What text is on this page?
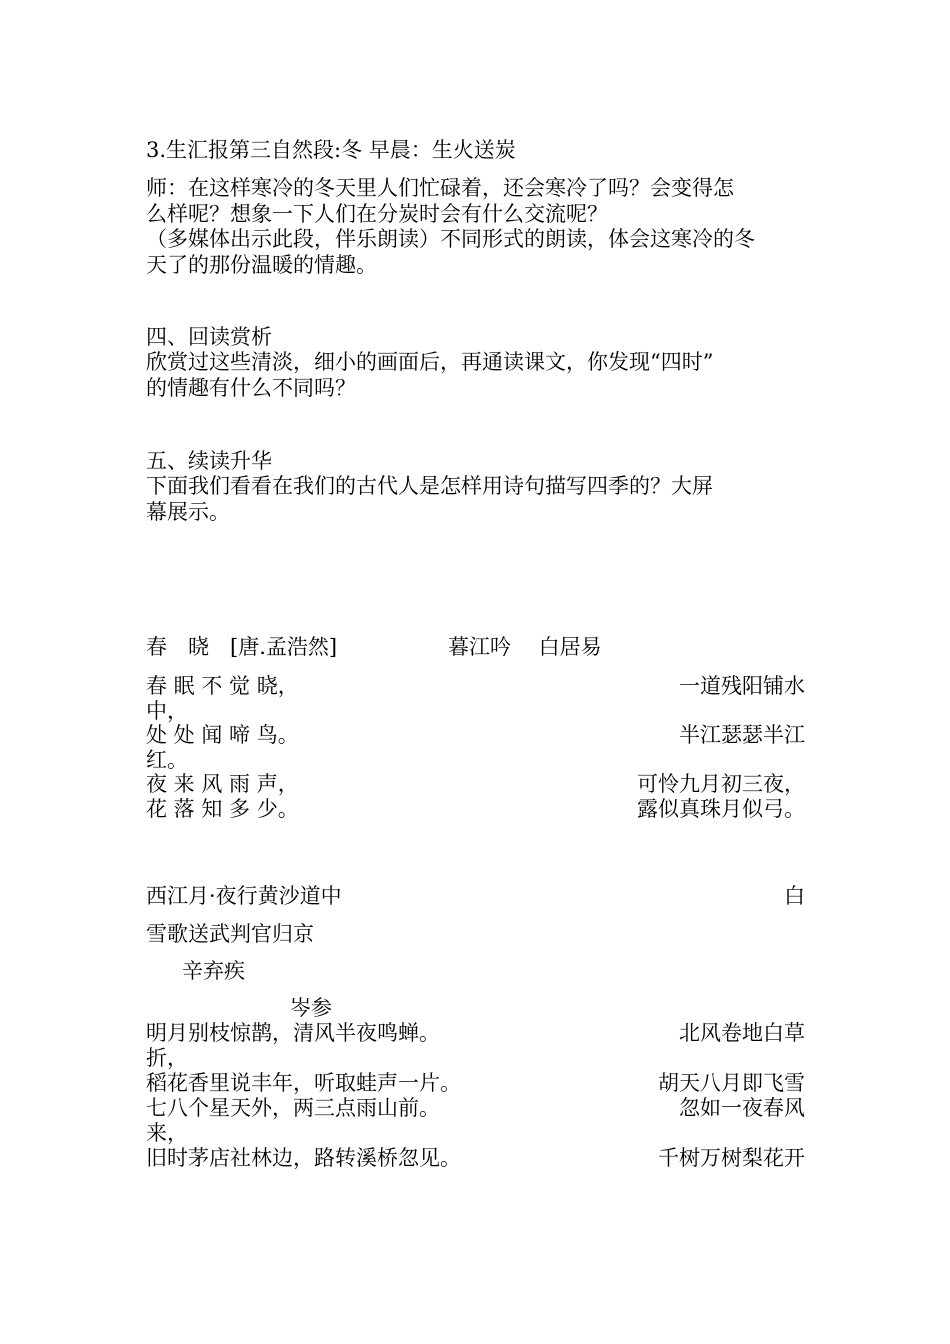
3.生汇报第三自然段:冬 早晨：生火送炭
师：在这样寒冷的冬天里人们忙碌着，还会寒冷了吗？会变得怎
么样呢？想象一下人们在分炭时会有什么交流呢？
（多媒体出示此段，伴乐朗读）不同形式的朗读，体会这寒冷的冬
天了的那份温暖的情趣。
四、回读赏析
欣赏过这些清淡，细小的画面后，再通读课文，你发现“四时”
的情趣有什么不同吗？
五、续读升华
下面我们看看在我们的古代人是怎样用诗句描写四季的？大屏
幕展示。
春　晓　[唐.孟浩然]	暮江吟　 白居易
春 眠 不 觉 晓，	一道残阳铺水
中，
处 处 闻 啼 鸟。	半江瑟瑟半江
红。
夜 来 风 雨 声，	可怜九月初三夜，
花 落 知 多 少。	露似真珠月似弓。
西江月·夜行黄沙道中	白
雪歌送武判官归京
辛弃疾
岑参
明月别枝惊鹊，清风半夜鸣蝉。	北风卷地白草
折，
稻花香里说丰年，听取蛙声一片。	胡天八月即飞雪
七八个星天外，两三点雨山前。	忽如一夜春风
来，
旧时茅店社林边，路转溪桥忽见。	千树万树梨花开
